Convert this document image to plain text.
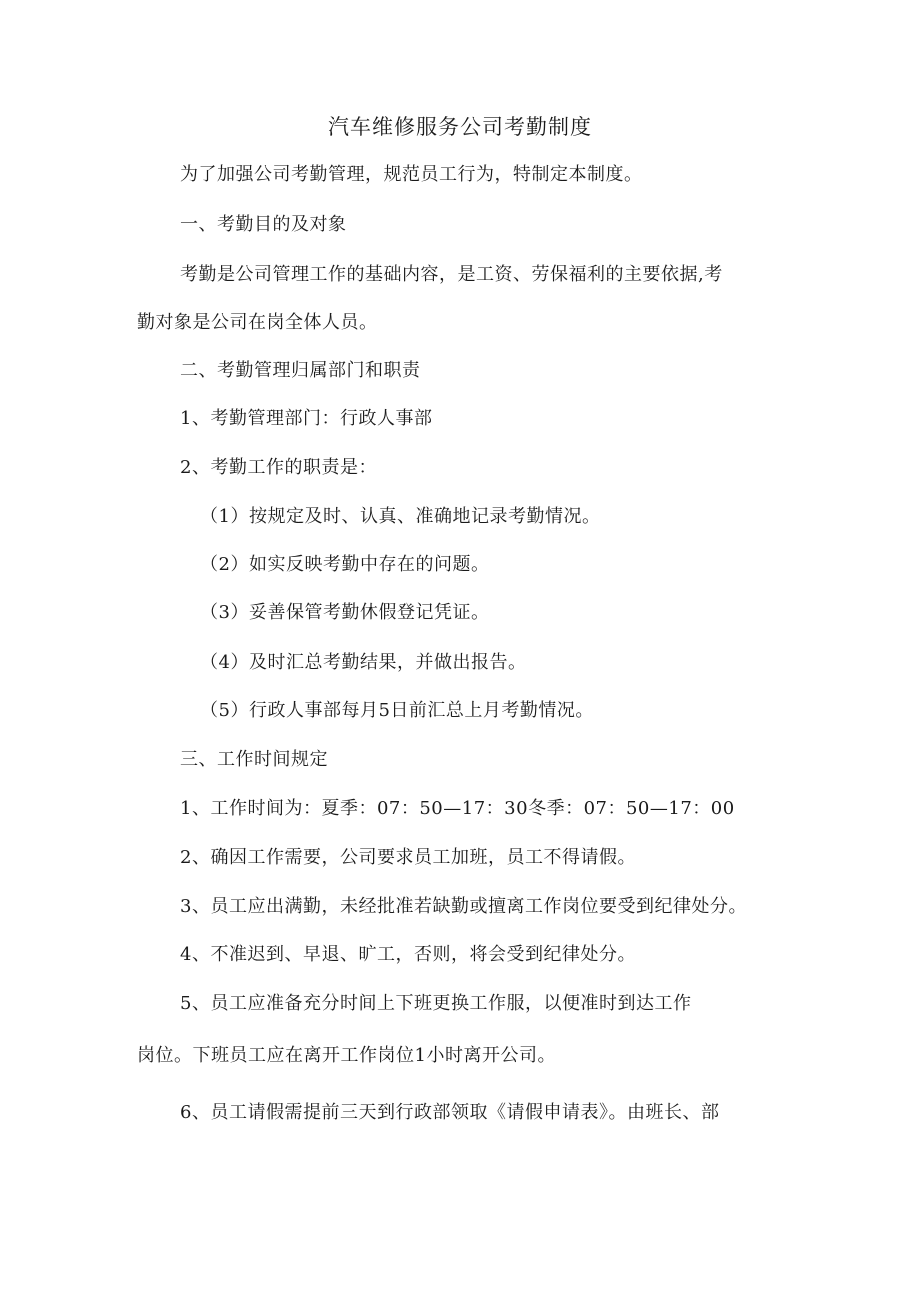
汽车维修服务公司考勤制度
为了加强公司考勤管理，规范员工行为，特制定本制度。
一、考勤目的及对象
考勤是公司管理工作的基础内容，是工资、劳保福利的主要依据,考
勤对象是公司在岗全体人员。
二、考勤管理归属部门和职责
1、考勤管理部门：行政人事部
2、考勤工作的职责是：
（1）按规定及时、认真、准确地记录考勤情况。
（2）如实反映考勤中存在的问题。
（3）妥善保管考勤休假登记凭证。
（4）及时汇总考勤结果，并做出报告。
（5）行政人事部每月5日前汇总上月考勤情况。
三、工作时间规定
1、工作时间为：夏季：07：50—17：30冬季：07：50—17：00
2、确因工作需要，公司要求员工加班，员工不得请假。
3、员工应出满勤，未经批准若缺勤或擅离工作岗位要受到纪律处分。
4、不准迟到、早退、旷工，否则，将会受到纪律处分。
5、员工应准备充分时间上下班更换工作服，以便准时到达工作
岗位。下班员工应在离开工作岗位1小时离开公司。
6、员工请假需提前三天到行政部领取《请假申请表》。由班长、部
